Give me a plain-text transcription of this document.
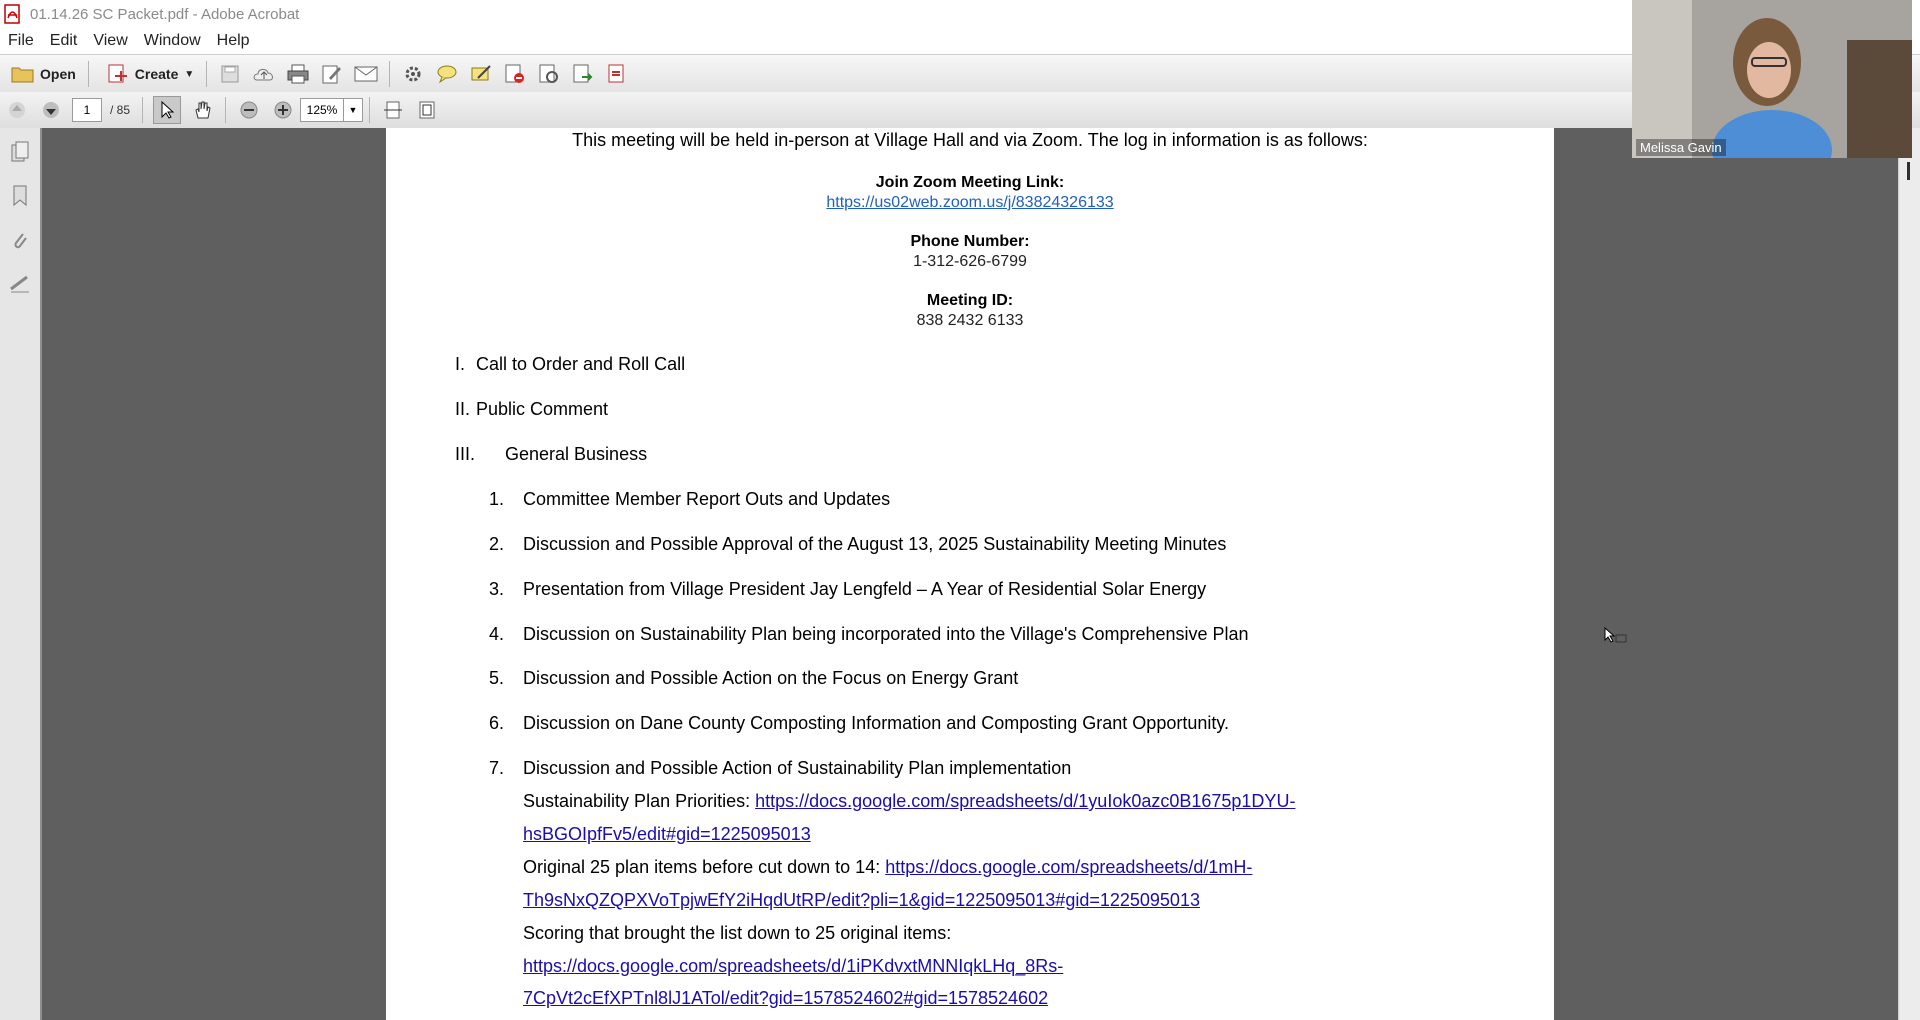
01.14.26 SC Packet.pdf - Adobe Acrobat
File	Edit	View	Window	Help
Open	Create ▼
1	/ 85	125%	▼
This meeting will be held in-person at Village Hall and via Zoom. The log in information is as follows:
Join Zoom Meeting Link:
https://us02web.zoom.us/j/83824326133
Phone Number:
1-312-626-6799
Meeting ID:
838 2432 6133
I. Call to Order and Roll Call
II. Public Comment
III. General Business
1. Committee Member Report Outs and Updates
2. Discussion and Possible Approval of the August 13, 2025 Sustainability Meeting Minutes
3. Presentation from Village President Jay Lengfeld – A Year of Residential Solar Energy
4. Discussion on Sustainability Plan being incorporated into the Village's Comprehensive Plan
5. Discussion and Possible Action on the Focus on Energy Grant
6. Discussion on Dane County Composting Information and Composting Grant Opportunity.
7. Discussion and Possible Action of Sustainability Plan implementation
Sustainability Plan Priorities: https://docs.google.com/spreadsheets/d/1yuIok0azc0B1675p1DYU-
hsBGOIpfFv5/edit#gid=1225095013
Original 25 plan items before cut down to 14: https://docs.google.com/spreadsheets/d/1mH-
Th9sNxQZQPXVoTpjwEfY2iHqdUtRP/edit?pli=1&gid=1225095013#gid=1225095013
Scoring that brought the list down to 25 original items:
https://docs.google.com/spreadsheets/d/1iPKdvxtMNNIqkLHq_8Rs-
7CpVt2cEfXPTnl8lJ1ATol/edit?gid=1578524602#gid=1578524602
Melissa Gavin
